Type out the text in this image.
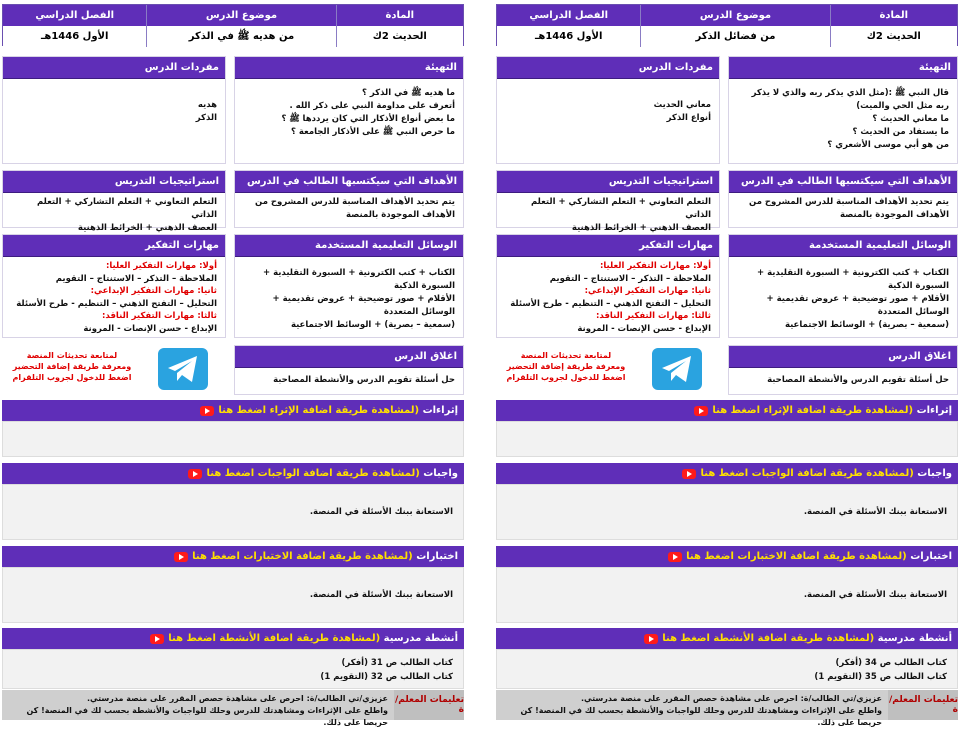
المادة
موضوع الدرس
الفصل الدراسي
الحديث 2ك
من فضائل الذكر
الأول 1446هـ
التهيئة
قال النبي ﷺ :(مثل الذي يذكر ربه والذي لا يذكر ربه مثل الحي والميت)
ما معاني الحديث ؟
ما يستفاد من الحديث ؟
من هو أبي موسى الأشعري ؟
مفردات الدرس
معاني الحديث
أنواع الذكر
الأهداف التي سيكتسبها الطالب في الدرس
يتم تحديد الأهداف المناسبة للدرس المشروح من الأهداف الموجودة بالمنصة
استراتيجيات التدريس
التعلم التعاوني + التعلم التشاركي + التعلم الذاتي
العصف الذهني + الخرائط الذهنية
الوسائل التعليمية المستخدمة
الكتاب + كتب الكترونية + السبورة التقليدية + السبورة الذكية
الأقلام + صور توضيحية + عروض تقديمية + الوسائل المتعددة
(سمعية – بصرية) + الوسائط الاجتماعية
مهارات التفكير
أولا: مهارات التفكير العليا:
الملاحظة – التذكر – الاستنتاج – التقويم
ثانيا: مهارات التفكير الإبداعي:
التحليل – التفتح الذهني – التنظيم - طرح الأسئلة
ثالثا: مهارات التفكير الناقد:
الإبداع - حسن الإنصات - المرونة
اغلاق الدرس
حل أسئلة تقويم الدرس والأنشطة المصاحبة
لمتابعة تحديثات المنصة
ومعرفة طريقة إضافة التحضير
اضغط للدخول لجروب التلقرام
إثراءات

(لمشاهدة طريقة اضافة الإثراء اضغط هنا
واجبات

(لمشاهدة طريقة اضافة الواجبات اضغط هنا
الاستعانة ببنك الأسئلة في المنصة.
اختبارات

(لمشاهدة طريقة اضافة الاختبارات اضغط هنا
الاستعانة ببنك الأسئلة في المنصة.
أنشطة مدرسية

(لمشاهدة طريقة اضافة الأنشطة اضغط هنا
كتاب الطالب ص 34 (أفكر)
كتاب الطالب ص 35 (التقويم 1)
تعليمات المعلم/ة
عزيزي/تي الطالب/ة: احرص على مشاهدة حصص المقرر على منصة مدرستي.
واطلع على الإثراءات ومشاهدتك للدرس وحلك للواجبات والأنشطة بحسب لك في المنصة! كن حريصا على ذلك.
المادة
موضوع الدرس
الفصل الدراسي
الحديث 2ك
من هديه ﷺ في الذكر
الأول 1446هـ
التهيئة
ما هديه ﷺ في الذكر ؟
أتعرف على مداومة النبي على ذكر الله .
ما بعض أنواع الأذكار التي كان يرددها ﷺ ؟
ما حرص النبي ﷺ على الأذكار الجامعة ؟
مفردات الدرس
هديه
الذكر
الأهداف التي سيكتسبها الطالب في الدرس
يتم تحديد الأهداف المناسبة للدرس المشروح من الأهداف الموجودة بالمنصة
استراتيجيات التدريس
التعلم التعاوني + التعلم التشاركي + التعلم الذاتي
العصف الذهني + الخرائط الذهنية
الوسائل التعليمية المستخدمة
الكتاب + كتب الكترونية + السبورة التقليدية + السبورة الذكية
الأقلام + صور توضيحية + عروض تقديمية + الوسائل المتعددة
(سمعية – بصرية) + الوسائط الاجتماعية
مهارات التفكير
أولا: مهارات التفكير العليا:
الملاحظة – التذكر – الاستنتاج – التقويم
ثانيا: مهارات التفكير الإبداعي:
التحليل – التفتح الذهني – التنظيم - طرح الأسئلة
ثالثا: مهارات التفكير الناقد:
الإبداع - حسن الإنصات - المرونة
اغلاق الدرس
حل أسئلة تقويم الدرس والأنشطة المصاحبة
لمتابعة تحديثات المنصة
ومعرفة طريقة إضافة التحضير
اضغط للدخول لجروب التلقرام
إثراءات

(لمشاهدة طريقة اضافة الإثراء اضغط هنا
واجبات

(لمشاهدة طريقة اضافة الواجبات اضغط هنا
الاستعانة ببنك الأسئلة في المنصة.
اختبارات

(لمشاهدة طريقة اضافة الاختبارات اضغط هنا
الاستعانة ببنك الأسئلة في المنصة.
أنشطة مدرسية

(لمشاهدة طريقة اضافة الأنشطة اضغط هنا
كتاب الطالب ص 31 (أفكر)
كتاب الطالب ص 32 (التقويم 1)
تعليمات المعلم/ة
عزيزي/تي الطالب/ة: احرص على مشاهدة حصص المقرر على منصة مدرستي.
واطلع على الإثراءات ومشاهدتك للدرس وحلك للواجبات والأنشطة بحسب لك في المنصة! كن حريصا على ذلك.
